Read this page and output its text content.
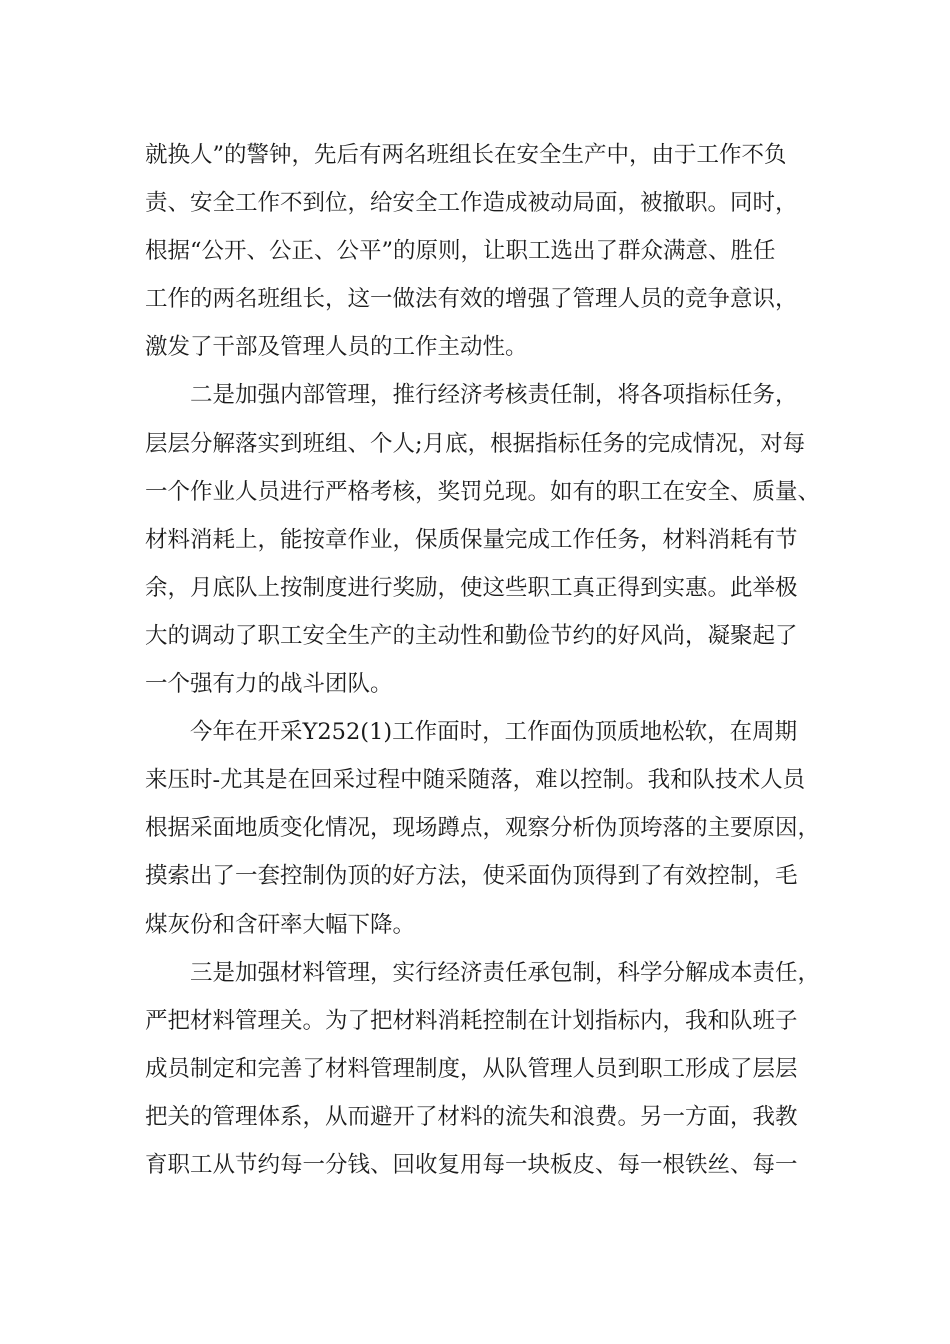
就换人”的警钟，先后有两名班组长在安全生产中，由于工作不负
责、安全工作不到位，给安全工作造成被动局面，被撤职。同时，
根据“公开、公正、公平”的原则，让职工选出了群众满意、胜任
工作的两名班组长，这一做法有效的增强了管理人员的竞争意识，
激发了干部及管理人员的工作主动性。
二是加强内部管理，推行经济考核责任制，将各项指标任务，
层层分解落实到班组、个人;月底，根据指标任务的完成情况，对每
一个作业人员进行严格考核，奖罚兑现。如有的职工在安全、质量、
材料消耗上，能按章作业，保质保量完成工作任务，材料消耗有节
余，月底队上按制度进行奖励，使这些职工真正得到实惠。此举极
大的调动了职工安全生产的主动性和勤俭节约的好风尚，凝聚起了
一个强有力的战斗团队。
今年在开采Y252(1)工作面时，工作面伪顶质地松软，在周期
来压时-尤其是在回采过程中随采随落，难以控制。我和队技术人员
根据采面地质变化情况，现场蹲点，观察分析伪顶垮落的主要原因，
摸索出了一套控制伪顶的好方法，使采面伪顶得到了有效控制，毛
煤灰份和含矸率大幅下降。
三是加强材料管理，实行经济责任承包制，科学分解成本责任，
严把材料管理关。为了把材料消耗控制在计划指标内，我和队班子
成员制定和完善了材料管理制度，从队管理人员到职工形成了层层
把关的管理体系，从而避开了材料的流失和浪费。另一方面，我教
育职工从节约每一分钱、回收复用每一块板皮、每一根铁丝、每一
